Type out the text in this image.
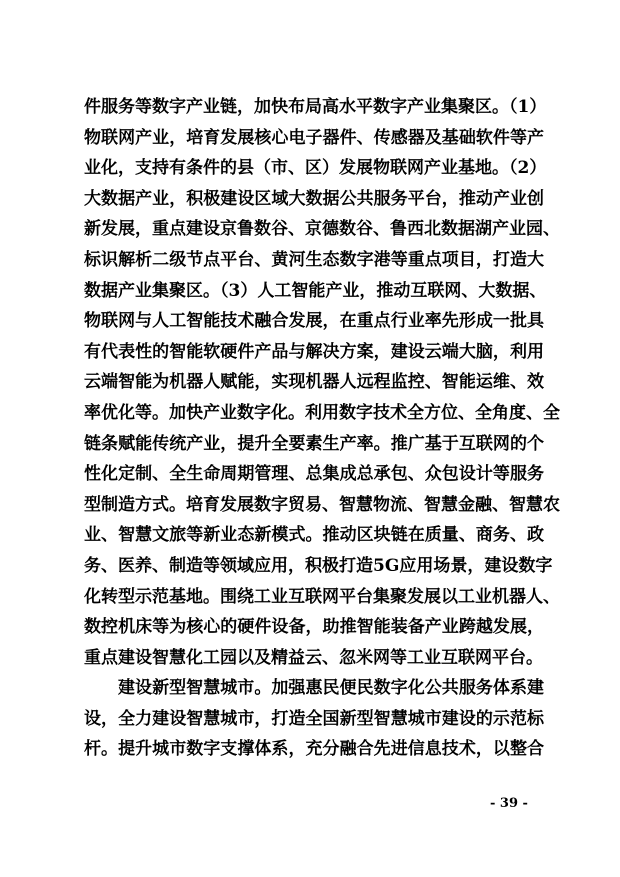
件服务等数字产业链，加快布局高水平数字产业集聚区。（1）
物联网产业，培育发展核心电子器件、传感器及基础软件等产
业化，支持有条件的县（市、区）发展物联网产业基地。（2）
大数据产业，积极建设区域大数据公共服务平台，推动产业创
新发展，重点建设京鲁数谷、京德数谷、鲁西北数据湖产业园、
标识解析二级节点平台、黄河生态数字港等重点项目，打造大
数据产业集聚区。（3）人工智能产业，推动互联网、大数据、
物联网与人工智能技术融合发展，在重点行业率先形成一批具
有代表性的智能软硬件产品与解决方案，建设云端大脑，利用
云端智能为机器人赋能，实现机器人远程监控、智能运维、效
率优化等。加快产业数字化。利用数字技术全方位、全角度、全
链条赋能传统产业，提升全要素生产率。推广基于互联网的个
性化定制、全生命周期管理、总集成总承包、众包设计等服务
型制造方式。培育发展数字贸易、智慧物流、智慧金融、智慧农
业、智慧文旅等新业态新模式。推动区块链在质量、商务、政
务、医养、制造等领域应用，积极打造5G应用场景，建设数字
化转型示范基地。围绕工业互联网平台集聚发展以工业机器人、
数控机床等为核心的硬件设备，助推智能装备产业跨越发展，
重点建设智慧化工园以及精益云、忽米网等工业互联网平台。
建设新型智慧城市。加强惠民便民数字化公共服务体系建
设，全力建设智慧城市，打造全国新型智慧城市建设的示范标
杆。提升城市数字支撑体系，充分融合先进信息技术，以整合
- 39 -
